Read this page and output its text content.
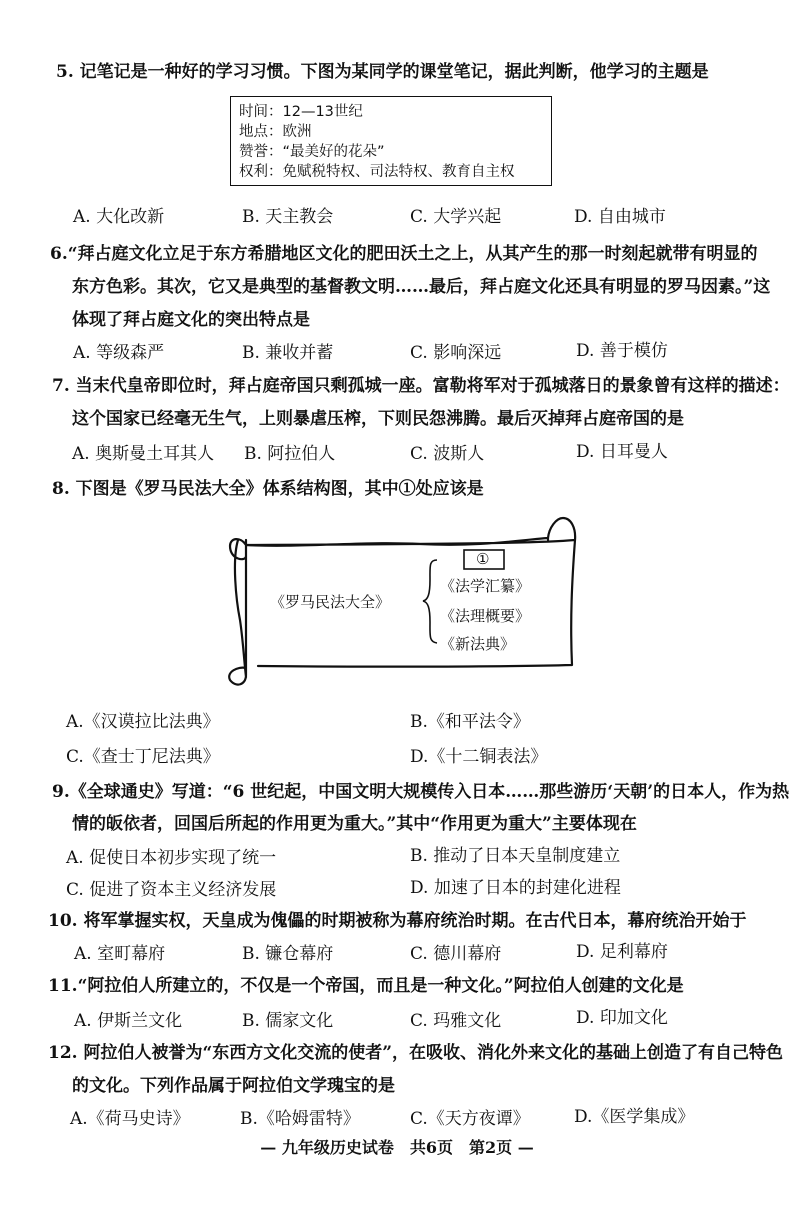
5. 记笔记是一种好的学习习惯。下图为某同学的课堂笔记，据此判断，他学习的主题是
时间：12—13世纪
地点：欧洲
赞誉：“最美好的花朵”
权利：免赋税特权、司法特权、教育自主权
A. 大化改新	B. 天主教会	C. 大学兴起	D. 自由城市
6.“拜占庭文化立足于东方希腊地区文化的肥田沃土之上，从其产生的那一时刻起就带有明显的
东方色彩。其次，它又是典型的基督教文明……最后，拜占庭文化还具有明显的罗马因素。”这
体现了拜占庭文化的突出特点是
A. 等级森严	B. 兼收并蓄	C. 影响深远	D. 善于模仿
7. 当末代皇帝即位时，拜占庭帝国只剩孤城一座。富勒将军对于孤城落日的景象曾有这样的描述：
这个国家已经毫无生气，上则暴虐压榨，下则民怨沸腾。最后灭掉拜占庭帝国的是
A. 奥斯曼土耳其人 B. 阿拉伯人	C. 波斯人	D. 日耳曼人
8. 下图是《罗马民法大全》体系结构图，其中①处应该是
《罗马民法大全》
①
《法学汇纂》
《法理概要》
《新法典》
A.《汉谟拉比法典》	B.《和平法令》
C.《查士丁尼法典》	D.《十二铜表法》
9.《全球通史》写道：“6 世纪起，中国文明大规模传入日本……那些游历‘天朝’的日本人，作为热
情的皈依者，回国后所起的作用更为重大。”其中“作用更为重大”主要体现在
A. 促使日本初步实现了统一	B. 推动了日本天皇制度建立
C. 促进了资本主义经济发展	D. 加速了日本的封建化进程
10. 将军掌握实权，天皇成为傀儡的时期被称为幕府统治时期。在古代日本，幕府统治开始于
A. 室町幕府	B. 镰仓幕府	C. 德川幕府	D. 足利幕府
11.“阿拉伯人所建立的，不仅是一个帝国，而且是一种文化。”阿拉伯人创建的文化是
A. 伊斯兰文化	B. 儒家文化	C. 玛雅文化	D. 印加文化
12. 阿拉伯人被誉为“东西方文化交流的使者”，在吸收、消化外来文化的基础上创造了有自己特色
的文化。下列作品属于阿拉伯文学瑰宝的是
A.《荷马史诗》	B.《哈姆雷特》	C.《天方夜谭》	D.《医学集成》
— 九年级历史试卷　共6页　第2页 —
